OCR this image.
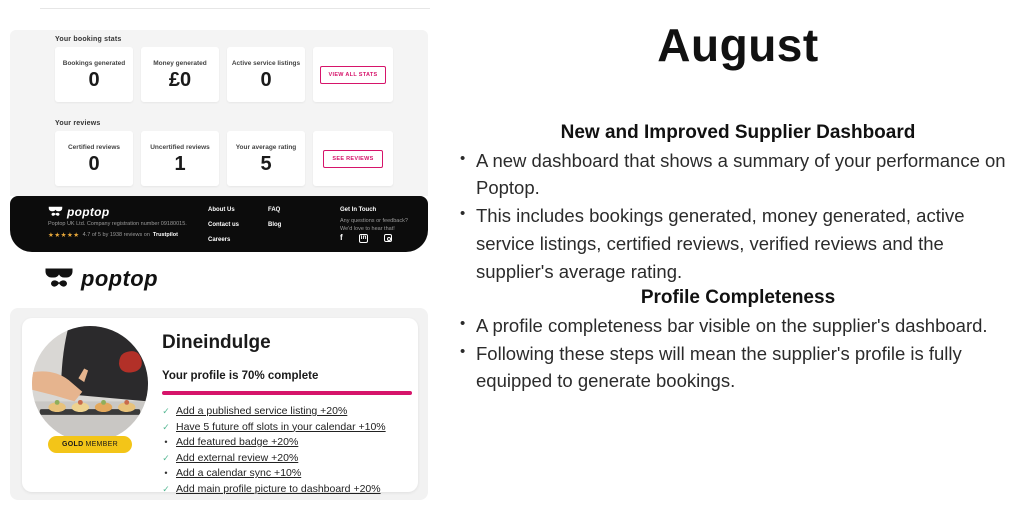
Your booking stats
Bookings generated
0
Money generated
£0
Active service listings
0	VIEW ALL STATS
Your reviews
Certified reviews
0
Uncertified reviews
1
Your average rating
5	SEE REVIEWS
poptop
Poptop UK Ltd. Company registration number 09180015.
★★★★★ 4.7 of 5 by 1938 reviews on Trustpilot
About Us
Contact us
Careers
FAQ
Blog
Get In Touch
Any questions or feedback?
We'd love to hear that!
f	in
poptop
GOLD MEMBER
Dineindulge
Your profile is 70% complete
✓ Add a published service listing +20%
✓ Have 5 future off slots in your calendar +10%
• Add featured badge +20%
✓ Add external review +20%
• Add a calendar sync +10%
✓ Add main profile picture to dashboard +20%
August
New and Improved Supplier Dashboard
• A new dashboard that shows a summary of your performance on Poptop.
• This includes bookings generated, money generated, active service listings, certified reviews, verified reviews and the supplier's average rating.
Profile Completeness
• A profile completeness bar visible on the supplier's dashboard.
• Following these steps will mean the supplier's profile is fully equipped to generate bookings.
